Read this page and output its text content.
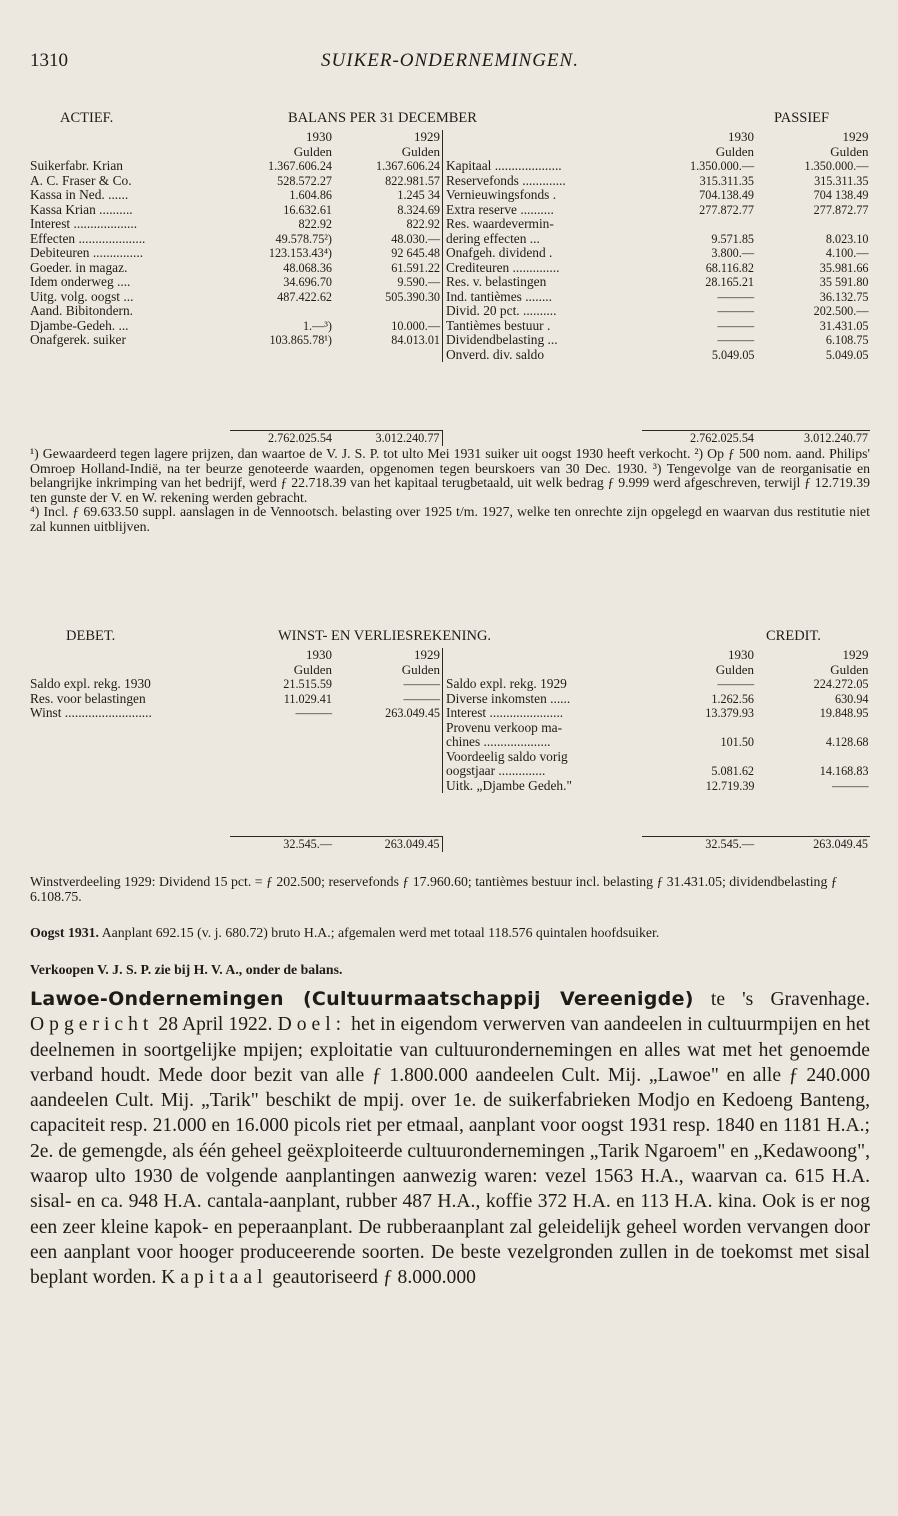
1310	SUIKER-ONDERNEMINGEN.
ACTIEF.	BALANS PER 31 DECEMBER	PASSIEF
	1930	1929
	Gulden	Gulden
Suikerfabr. Krian	1.367.606.24	1.367.606.24
A. C. Fraser & Co.	528.572.27	822.981.57
Kassa in Ned. ......	1.604.86	1.245 34
Kassa Krian ..........	16.632.61	8.324.69
Interest ...................	822.92	822.92
Effecten ....................	49.578.75²)	48.030.—
Debiteuren ...............	123.153.43⁴)	92 645.48
Goeder. in magaz.	48.068.36	61.591.22
Idem onderweg ....	34.696.70	9.590.—
Uitg. volg. oogst ...	487.422.62	505.390.30
Aand. Bibitondern.		
Djambe-Gedeh. ...	1.—³)	10.000.—
Onafgerek. suiker	103.865.78¹)	84.013.01
	1930	1929
	Gulden	Gulden
Kapitaal ....................	1.350.000.—	1.350.000.—
Reservefonds .............	315.311.35	315.311.35
Vernieuwingsfonds .	704.138.49	704 138.49
Extra reserve ..........	277.872.77	277.872.77
Res. waardevermin-		
dering effecten ...	9.571.85	8.023.10
Onafgeh. dividend .	3.800.—	4.100.—
Crediteuren ..............	68.116.82	35.981.66
Res. v. belastingen	28.165.21	35 591.80
Ind. tantièmes ........	———	36.132.75
Divid. 20 pct. ..........	———	202.500.—
Tantièmes bestuur .	———	31.431.05
Dividendbelasting ...	———	6.108.75
Onverd. div. saldo	5.049.05	5.049.05
	2.762.025.54	3.012.240.77		2.762.025.54	3.012.240.77

¹) Gewaardeerd tegen lagere prijzen, dan waartoe de V. J. S. P. tot ulto Mei 1931 suiker uit oogst 1930 heeft verkocht. ²) Op ƒ 500 nom. aand. Philips' Omroep Holland-Indië, na ter beurze genoteerde waarden, opgenomen tegen beurskoers van 30 Dec. 1930. ³) Tengevolge van de reorganisatie en belangrijke inkrimping van het bedrijf, werd ƒ 22.718.39 van het kapitaal terugbetaald, uit welk bedrag ƒ 9.999 werd afgeschreven, terwijl ƒ 12.719.39 ten gunste der V. en W. rekening werden gebracht.

⁴) Incl. ƒ 69.633.50 suppl. aanslagen in de Vennootsch. belasting over 1925 t/m. 1927, welke ten onrechte zijn opgelegd en waarvan dus restitutie niet zal kunnen uitblijven.

DEBET.	WINST- EN VERLIESREKENING.	CREDIT.
	1930	1929
	Gulden	Gulden
Saldo expl. rekg. 1930	21.515.59	———
Res. voor belastingen	11.029.41	———
Winst ..........................	———	263.049.45
	1930	1929
	Gulden	Gulden
Saldo expl. rekg. 1929	———	224.272.05
Diverse inkomsten ......	1.262.56	630.94
Interest ......................	13.379.93	19.848.95
Provenu verkoop ma-		
chines ....................	101.50	4.128.68
Voordeelig saldo vorig		
oogstjaar ..............	5.081.62	14.168.83
Uitk. „Djambe Gedeh."	12.719.39	———
	32.545.—	263.049.45		32.545.—	263.049.45

Winstverdeeling 1929: Dividend 15 pct. = ƒ 202.500; reservefonds ƒ 17.960.60; tantièmes bestuur incl. belasting ƒ 31.431.05; dividendbelasting ƒ 6.108.75.

Oogst 1931. Aanplant 692.15 (v. j. 680.72) bruto H.A.; afgemalen werd met totaal 118.576 quintalen hoofdsuiker.

Verkoopen V. J. S. P. zie bij H. V. A., onder de balans.

Lawoe-Ondernemingen (Cultuurmaatschappij Vereenigde) te 's Gravenhage. Opgericht 28 April 1922. Doel: het in eigendom verwerven van aandeelen in cultuurmpijen en het deelnemen in soortgelijke mpijen; exploitatie van cultuurondernemingen en alles wat met het genoemde verband houdt. Mede door bezit van alle ƒ 1.800.000 aandeelen Cult. Mij. „Lawoe" en alle ƒ 240.000 aandeelen Cult. Mij. „Tarik" beschikt de mpij. over 1e. de suikerfabrieken Modjo en Kedoeng Banteng, capaciteit resp. 21.000 en 16.000 picols riet per etmaal, aanplant voor oogst 1931 resp. 1840 en 1181 H.A.; 2e. de gemengde, als één geheel geëxploiteerde cultuurondernemingen „Tarik Ngaroem" en „Kedawoong", waarop ulto 1930 de volgende aanplantingen aanwezig waren: vezel 1563 H.A., waarvan ca. 615 H.A. sisal- en ca. 948 H.A. cantala-aanplant, rubber 487 H.A., koffie 372 H.A. en 113 H.A. kina. Ook is er nog een zeer kleine kapok- en peperaanplant. De rubberaanplant zal geleidelijk geheel worden vervangen door een aanplant voor hooger produceerende soorten. De beste vezelgronden zullen in de toekomst met sisal beplant worden. Kapitaal geautoriseerd ƒ 8.000.000
